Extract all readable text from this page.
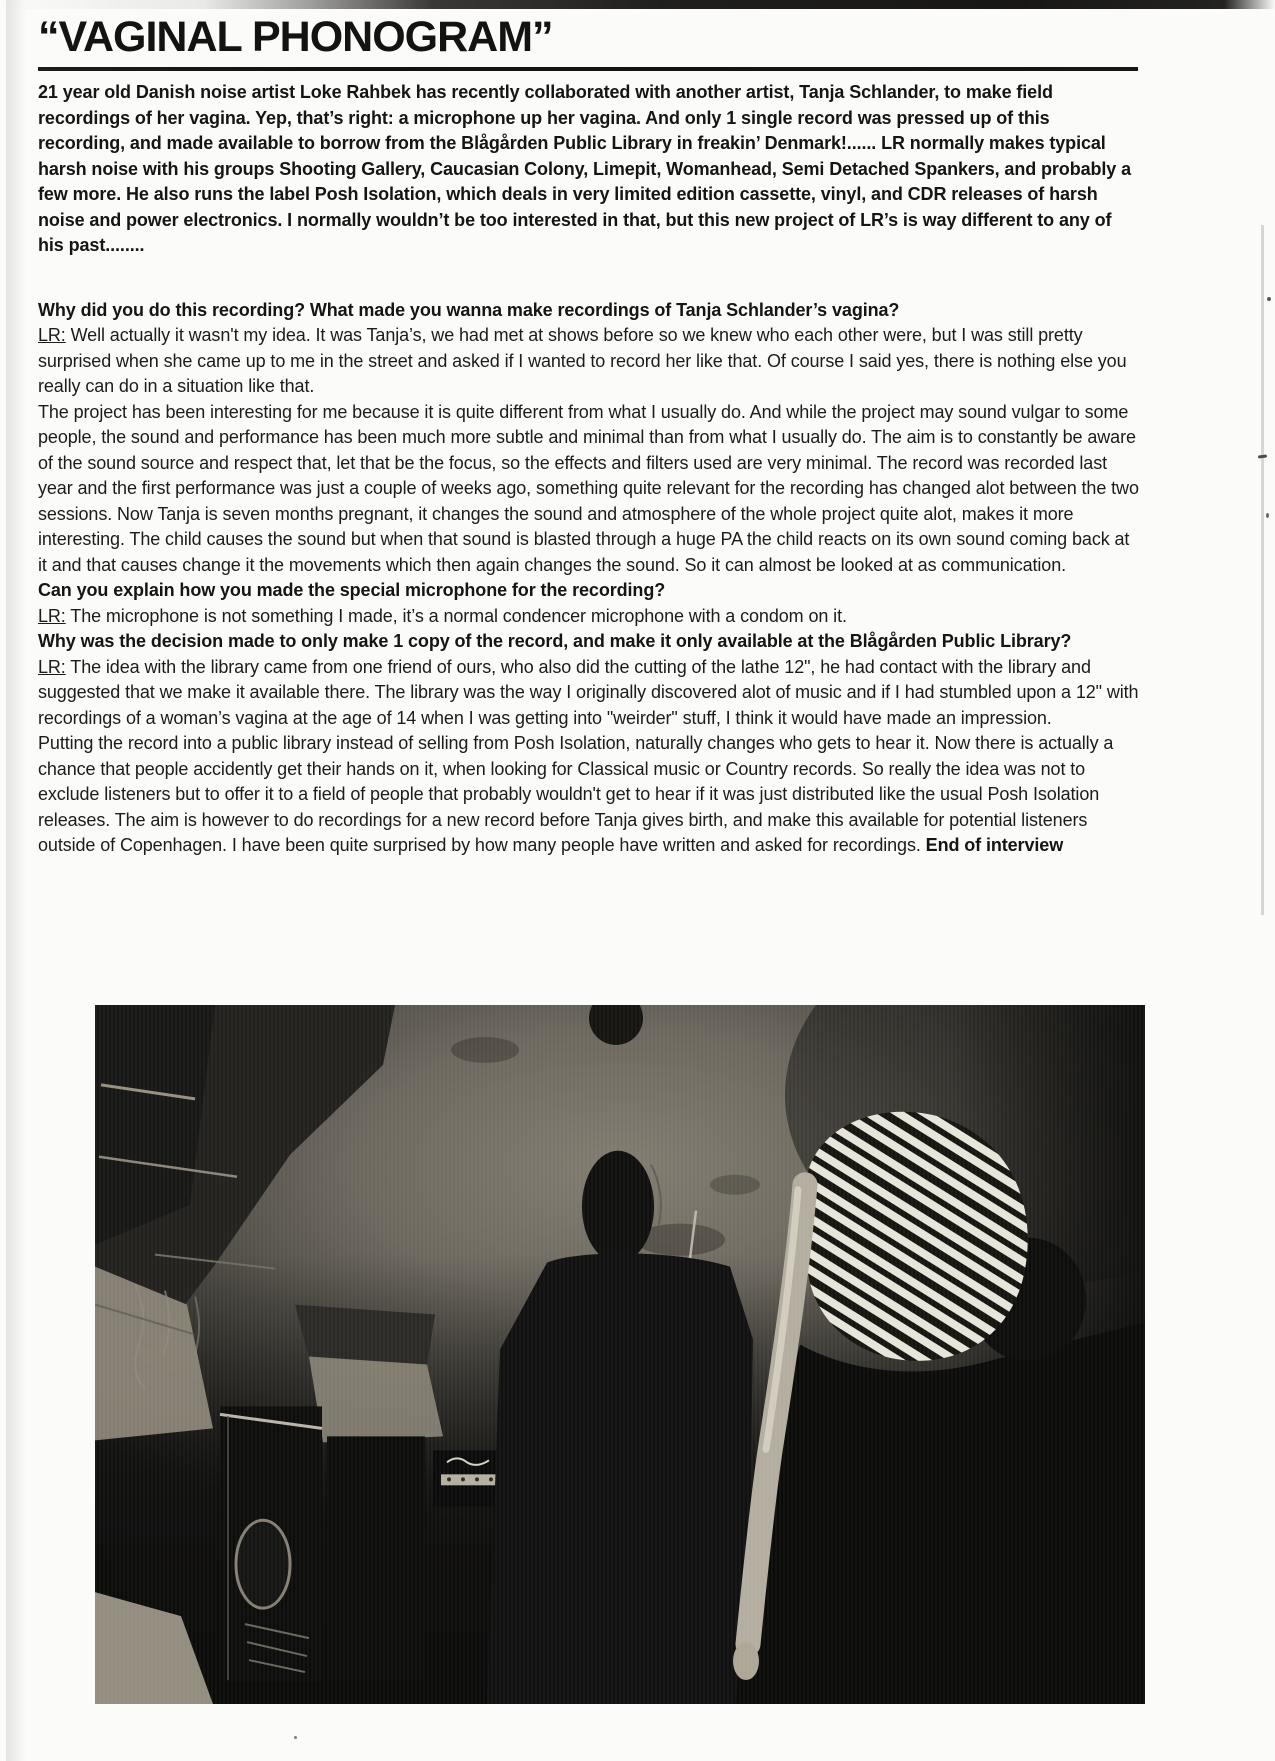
“VAGINAL PHONOGRAM”

21 year old Danish noise artist Loke Rahbek has recently collaborated with another artist, Tanja Schlander, to make field recordings of her vagina. Yep, that’s right: a microphone up her vagina. And only 1 single record was pressed up of this recording, and made available to borrow from the Blågården Public Library in freakin’ Denmark!...... LR normally makes typical harsh noise with his groups Shooting Gallery, Caucasian Colony, Limepit, Womanhead, Semi Detached Spankers, and probably a few more. He also runs the label Posh Isolation, which deals in very limited edition cassette, vinyl, and CDR releases of harsh noise and power electronics. I normally wouldn’t be too interested in that, but this new project of LR’s is way different to any of his past........

Why did you do this recording? What made you wanna make recordings of Tanja Schlander’s vagina?

LR: Well actually it wasn't my idea. It was Tanja’s, we had met at shows before so we knew who each other were, but I was still pretty surprised when she came up to me in the street and asked if I wanted to record her like that. Of course I said yes, there is nothing else you really can do in a situation like that.

The project has been interesting for me because it is quite different from what I usually do. And while the project may sound vulgar to some people, the sound and performance has been much more subtle and minimal than from what I usually do. The aim is to constantly be aware of the sound source and respect that, let that be the focus, so the effects and filters used are very minimal. The record was recorded last year and the first performance was just a couple of weeks ago, something quite relevant for the recording has changed alot between the two sessions. Now Tanja is seven months pregnant, it changes the sound and atmosphere of the whole project quite alot, makes it more interesting. The child causes the sound but when that sound is blasted through a huge PA the child reacts on its own sound coming back at it and that causes change it the movements which then again changes the sound. So it can almost be looked at as communication.

Can you explain how you made the special microphone for the recording?

LR: The microphone is not something I made, it’s a normal condencer microphone with a condom on it.

Why was the decision made to only make 1 copy of the record, and make it only available at the Blågården Public Library?

LR: The idea with the library came from one friend of ours, who also did the cutting of the lathe 12", he had contact with the library and suggested that we make it available there. The library was the way I originally discovered alot of music and if I had stumbled upon a 12" with recordings of a woman’s vagina at the age of 14 when I was getting into "weirder" stuff, I think it would have made an impression.

Putting the record into a public library instead of selling from Posh Isolation, naturally changes who gets to hear it. Now there is actually a chance that people accidently get their hands on it, when looking for Classical music or Country records. So really the idea was not to exclude listeners but to offer it to a field of people that probably wouldn't get to hear if it was just distributed like the usual Posh Isolation releases. The aim is however to do recordings for a new record before Tanja gives birth, and make this available for potential listeners outside of Copenhagen. I have been quite surprised by how many people have written and asked for recordings. End of interview
